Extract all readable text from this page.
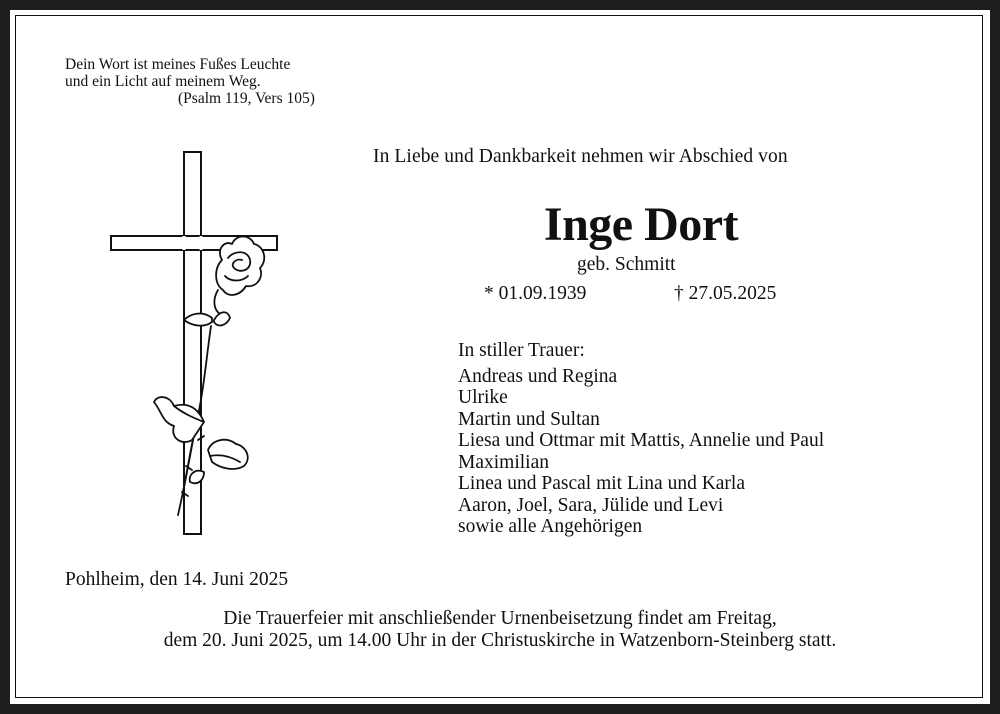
Dein Wort ist meines Fußes Leuchte
und ein Licht auf meinem Weg.
(Psalm 119, Vers 105)
In Liebe und Dankbarkeit nehmen wir Abschied von
Inge Dort
geb. Schmitt
* 01.09.1939	† 27.05.2025
In stiller Trauer:
Andreas und Regina
Ulrike
Martin und Sultan
Liesa und Ottmar mit Mattis, Annelie und Paul
Maximilian
Linea und Pascal mit Lina und Karla
Aaron, Joel, Sara, Jülide und Levi
sowie alle Angehörigen
Pohlheim, den 14. Juni 2025
Die Trauerfeier mit anschließender Urnenbeisetzung findet am Freitag,
dem 20. Juni 2025, um 14.00 Uhr in der Christuskirche in Watzenborn-Steinberg statt.
